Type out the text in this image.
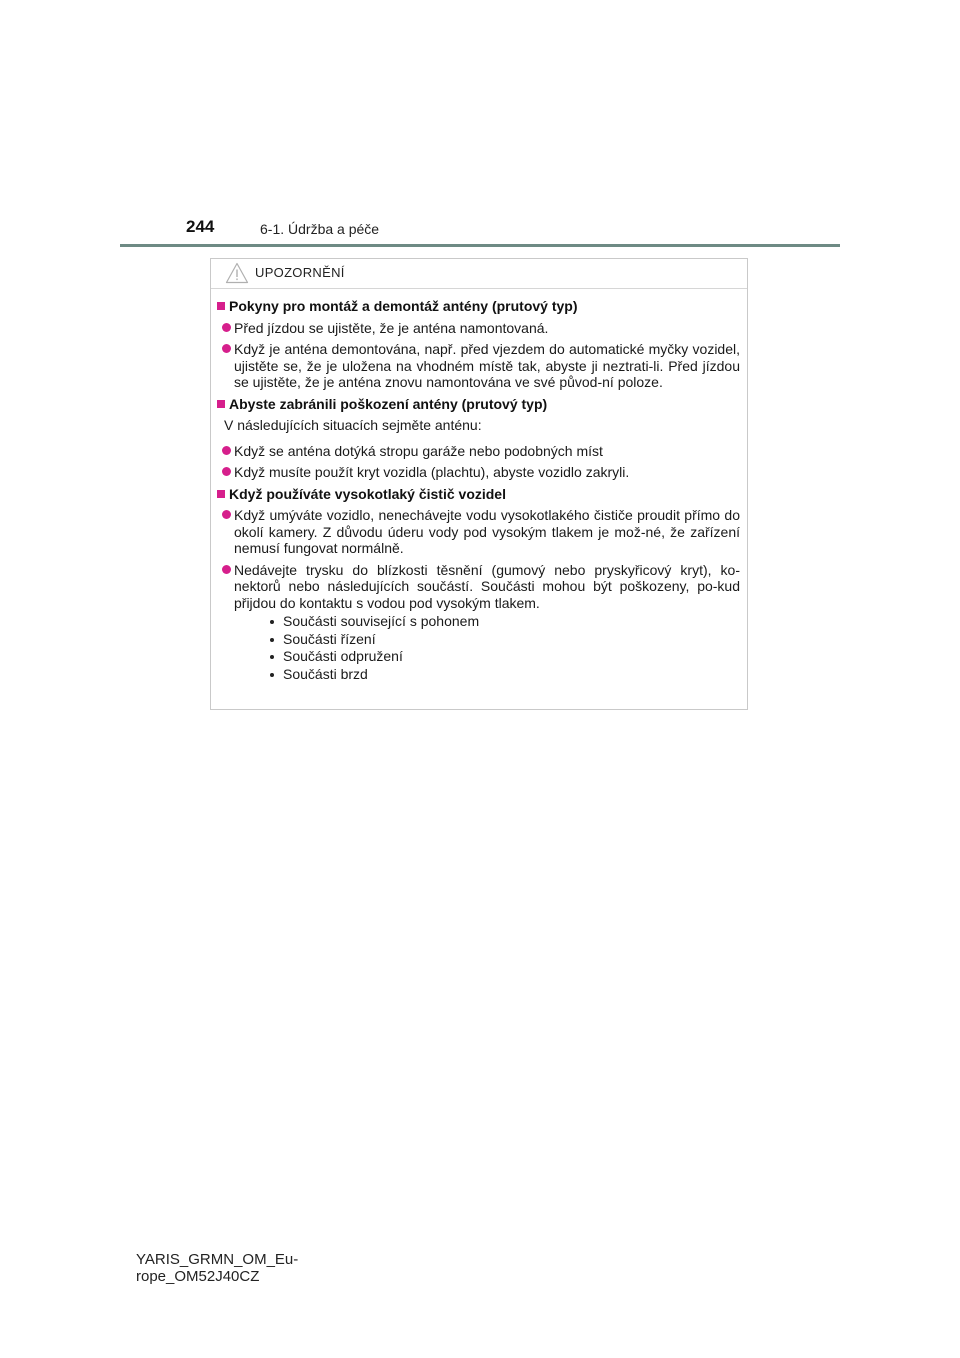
244	6-1. Údržba a péče
UPOZORNĚNÍ
Pokyny pro montáž a demontáž antény (prutový typ)
Před jízdou se ujistěte, že je anténa namontovaná.
Když je anténa demontována, např. před vjezdem do automatické myčky vozidel, ujistěte se, že je uložena na vhodném místě tak, abyste ji neztrati-li. Před jízdou se ujistěte, že je anténa znovu namontována ve své původ-ní poloze.
Abyste zabránili poškození antény (prutový typ)
V následujících situacích sejměte anténu:
Když se anténa dotýká stropu garáže nebo podobných míst
Když musíte použít kryt vozidla (plachtu), abyste vozidlo zakryli.
Když používáte vysokotlaký čistič vozidel
Když umýváte vozidlo, nenechávejte vodu vysokotlakého čističe proudit přímo do okolí kamery. Z důvodu úderu vody pod vysokým tlakem je mož-né, že zařízení nemusí fungovat normálně.
Nedávejte trysku do blízkosti těsnění (gumový nebo pryskyřicový kryt), ko-nektorů nebo následujících součástí. Součásti mohou být poškozeny, po-kud přijdou do kontaktu s vodou pod vysokým tlakem.
Součásti související s pohonem
Součásti řízení
Součásti odpružení
Součásti brzd
YARIS_GRMN_OM_Eu-
rope_OM52J40CZ
